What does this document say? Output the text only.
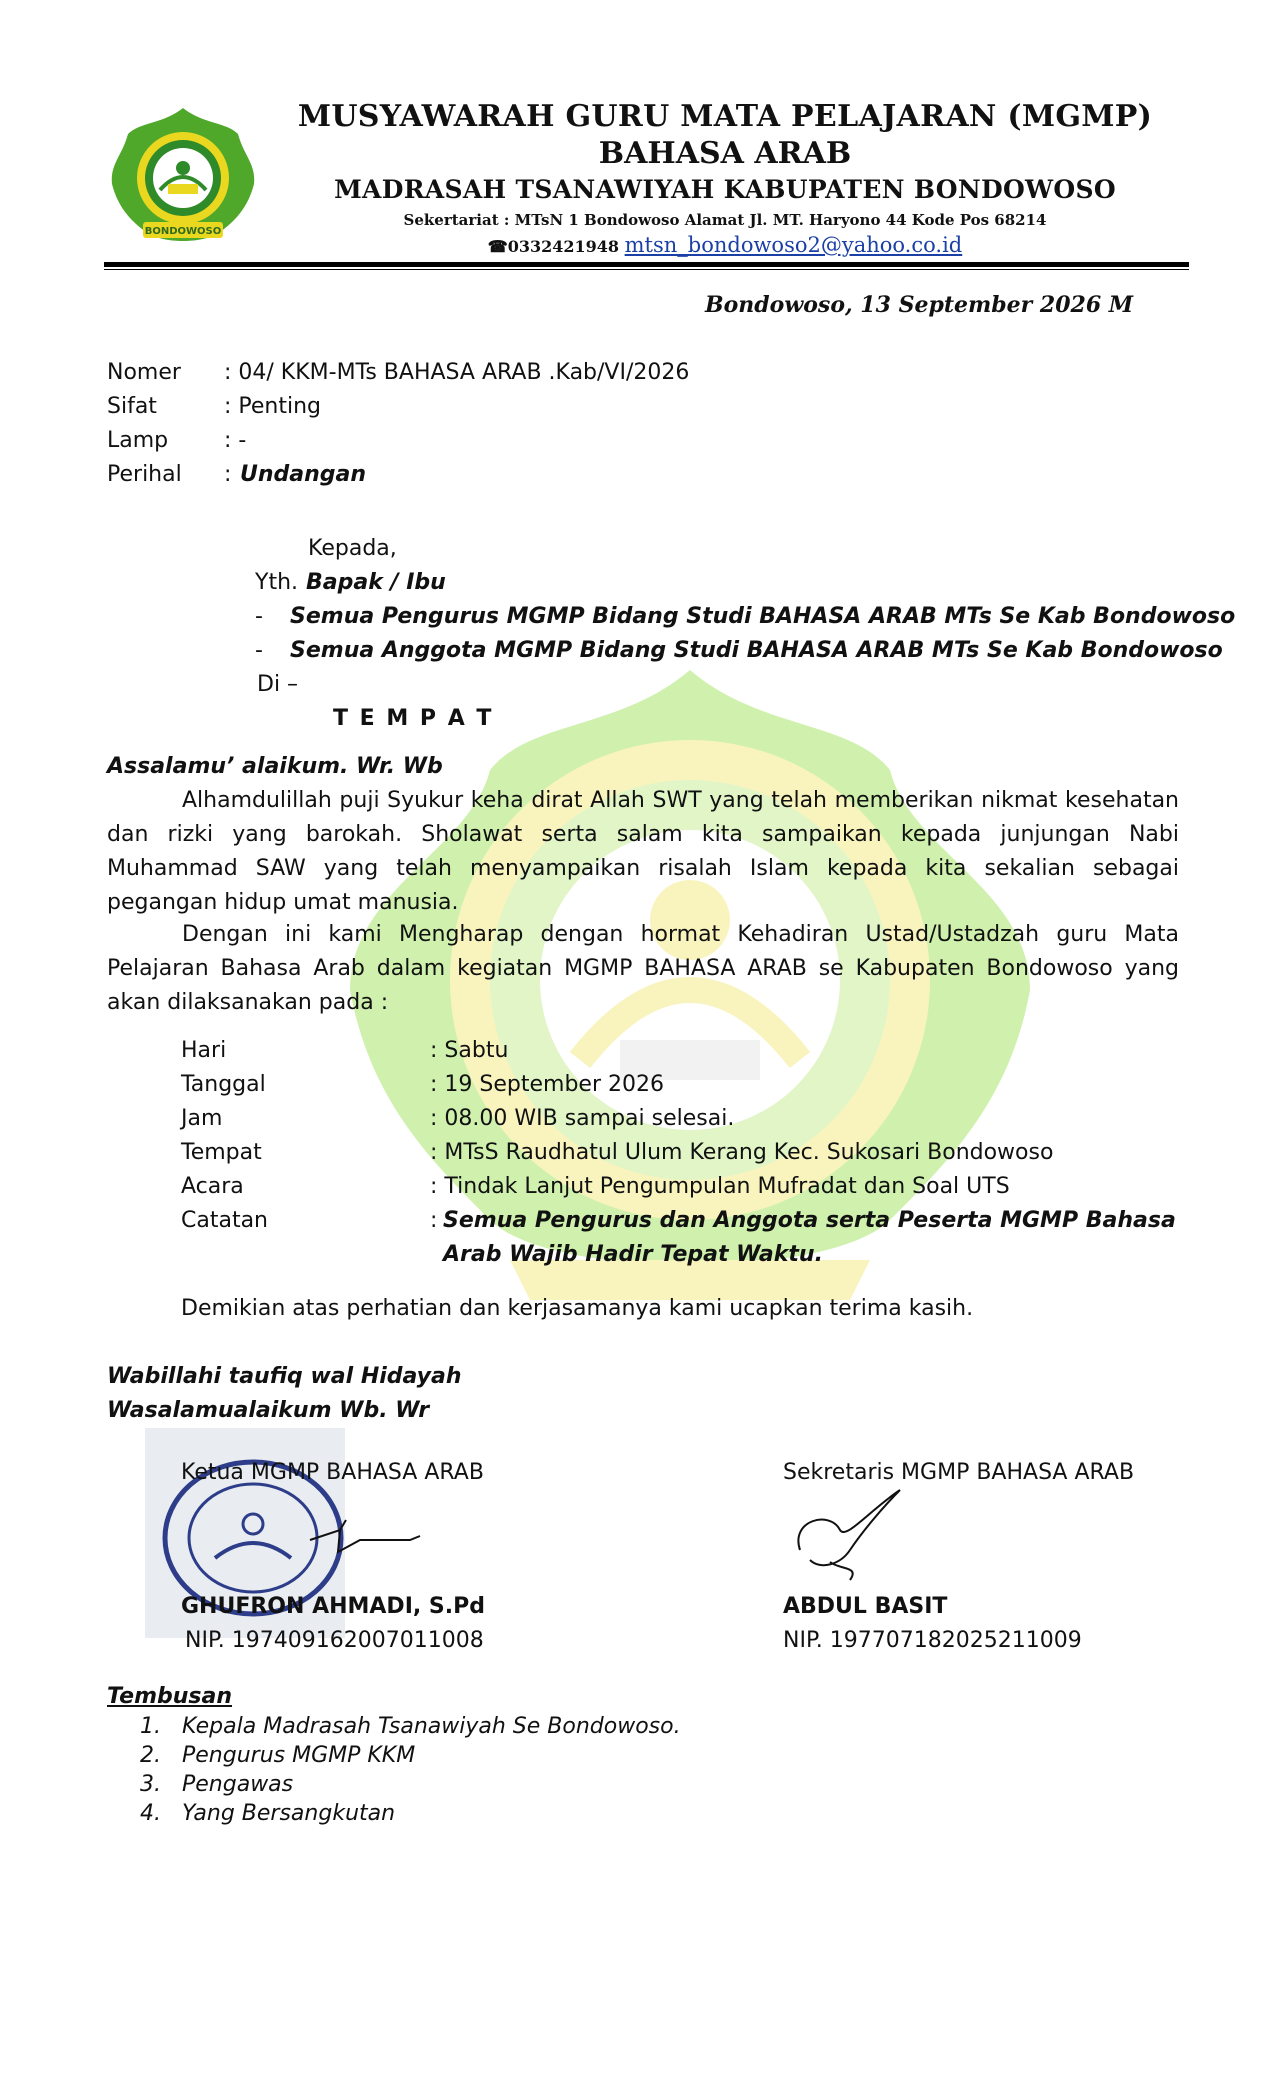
BONDOWOSO
MUSYAWARAH GURU MATA PELAJARAN (MGMP)
BAHASA ARAB
MADRASAH TSANAWIYAH KABUPATEN BONDOWOSO
Sekertariat : MTsN 1 Bondowoso Alamat Jl. MT. Haryono 44 Kode Pos 68214
☎0332421948 mtsn_bondowoso2@yahoo.co.id
Bondowoso, 13 September 2026 M
Nomer : 04/ KKM-MTs BAHASA ARAB .Kab/VI/2026
Sifat	: Penting
Lamp	: -
Perihal : Undangan
Kepada,
Yth. Bapak / Ibu
- Semua Pengurus MGMP Bidang Studi BAHASA ARAB MTs Se Kab Bondowoso
- Semua Anggota MGMP Bidang Studi BAHASA ARAB MTs Se Kab Bondowoso
Di –
T E M P A T
Assalamu’ alaikum. Wr. Wb
Alhamdulillah puji Syukur keha dirat Allah SWT yang telah memberikan nikmat kesehatan dan rizki yang barokah. Sholawat serta salam kita sampaikan kepada junjungan Nabi Muhammad SAW yang telah menyampaikan risalah Islam kepada kita sekalian sebagai pegangan hidup umat manusia.
Dengan ini kami Mengharap dengan hormat Kehadiran Ustad/Ustadzah guru Mata Pelajaran Bahasa Arab dalam kegiatan MGMP BAHASA ARAB se Kabupaten Bondowoso yang akan dilaksanakan pada :
Hari	: Sabtu
Tanggal	: 19 September 2026
Jam	: 08.00 WIB sampai selesai.
Tempat	: MTsS Raudhatul Ulum Kerang Kec. Sukosari Bondowoso
Acara	: Tindak Lanjut Pengumpulan Mufradat dan Soal UTS
Catatan	: Semua Pengurus dan Anggota serta Peserta MGMP Bahasa
Arab Wajib Hadir Tepat Waktu.
Demikian atas perhatian dan kerjasamanya kami ucapkan terima kasih.
Wabillahi taufiq wal Hidayah
Wasalamualaikum Wb. Wr
Ketua MGMP BAHASA ARAB
GHUFRON AHMADI, S.Pd
NIP. 197409162007011008
Sekretaris MGMP BAHASA ARAB
ABDUL BASIT
NIP. 197707182025211009
Tembusan
1. Kepala Madrasah Tsanawiyah Se Bondowoso.
2. Pengurus MGMP KKM
3. Pengawas
4. Yang Bersangkutan
